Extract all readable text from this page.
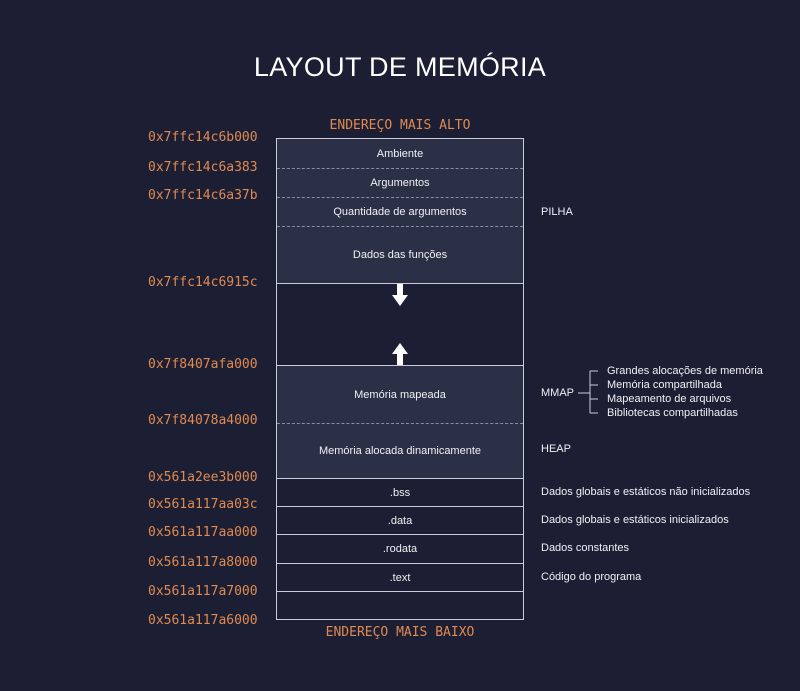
LAYOUT DE MEMÓRIA
ENDEREÇO MAIS ALTO
ENDEREÇO MAIS BAIXO
0x7ffc14c6b000
0x7ffc14c6a383
0x7ffc14c6a37b
0x7ffc14c6915c
0x7f8407afa000
0x7f84078a4000
0x561a2ee3b000
0x561a117aa03c
0x561a117aa000
0x561a117a8000
0x561a117a7000
0x561a117a6000
Ambiente
Argumentos
Quantidade de argumentos
Dados das funções
Memória mapeada
Memória alocada dinamicamente
.bss
.data
.rodata
.text
PILHA
MMAP
HEAP
Dados globais e estáticos não inicializados
Dados globais e estáticos inicializados
Dados constantes
Código do programa
Grandes alocações de memória
Memória compartilhada
Mapeamento de arquivos
Bibliotecas compartilhadas
